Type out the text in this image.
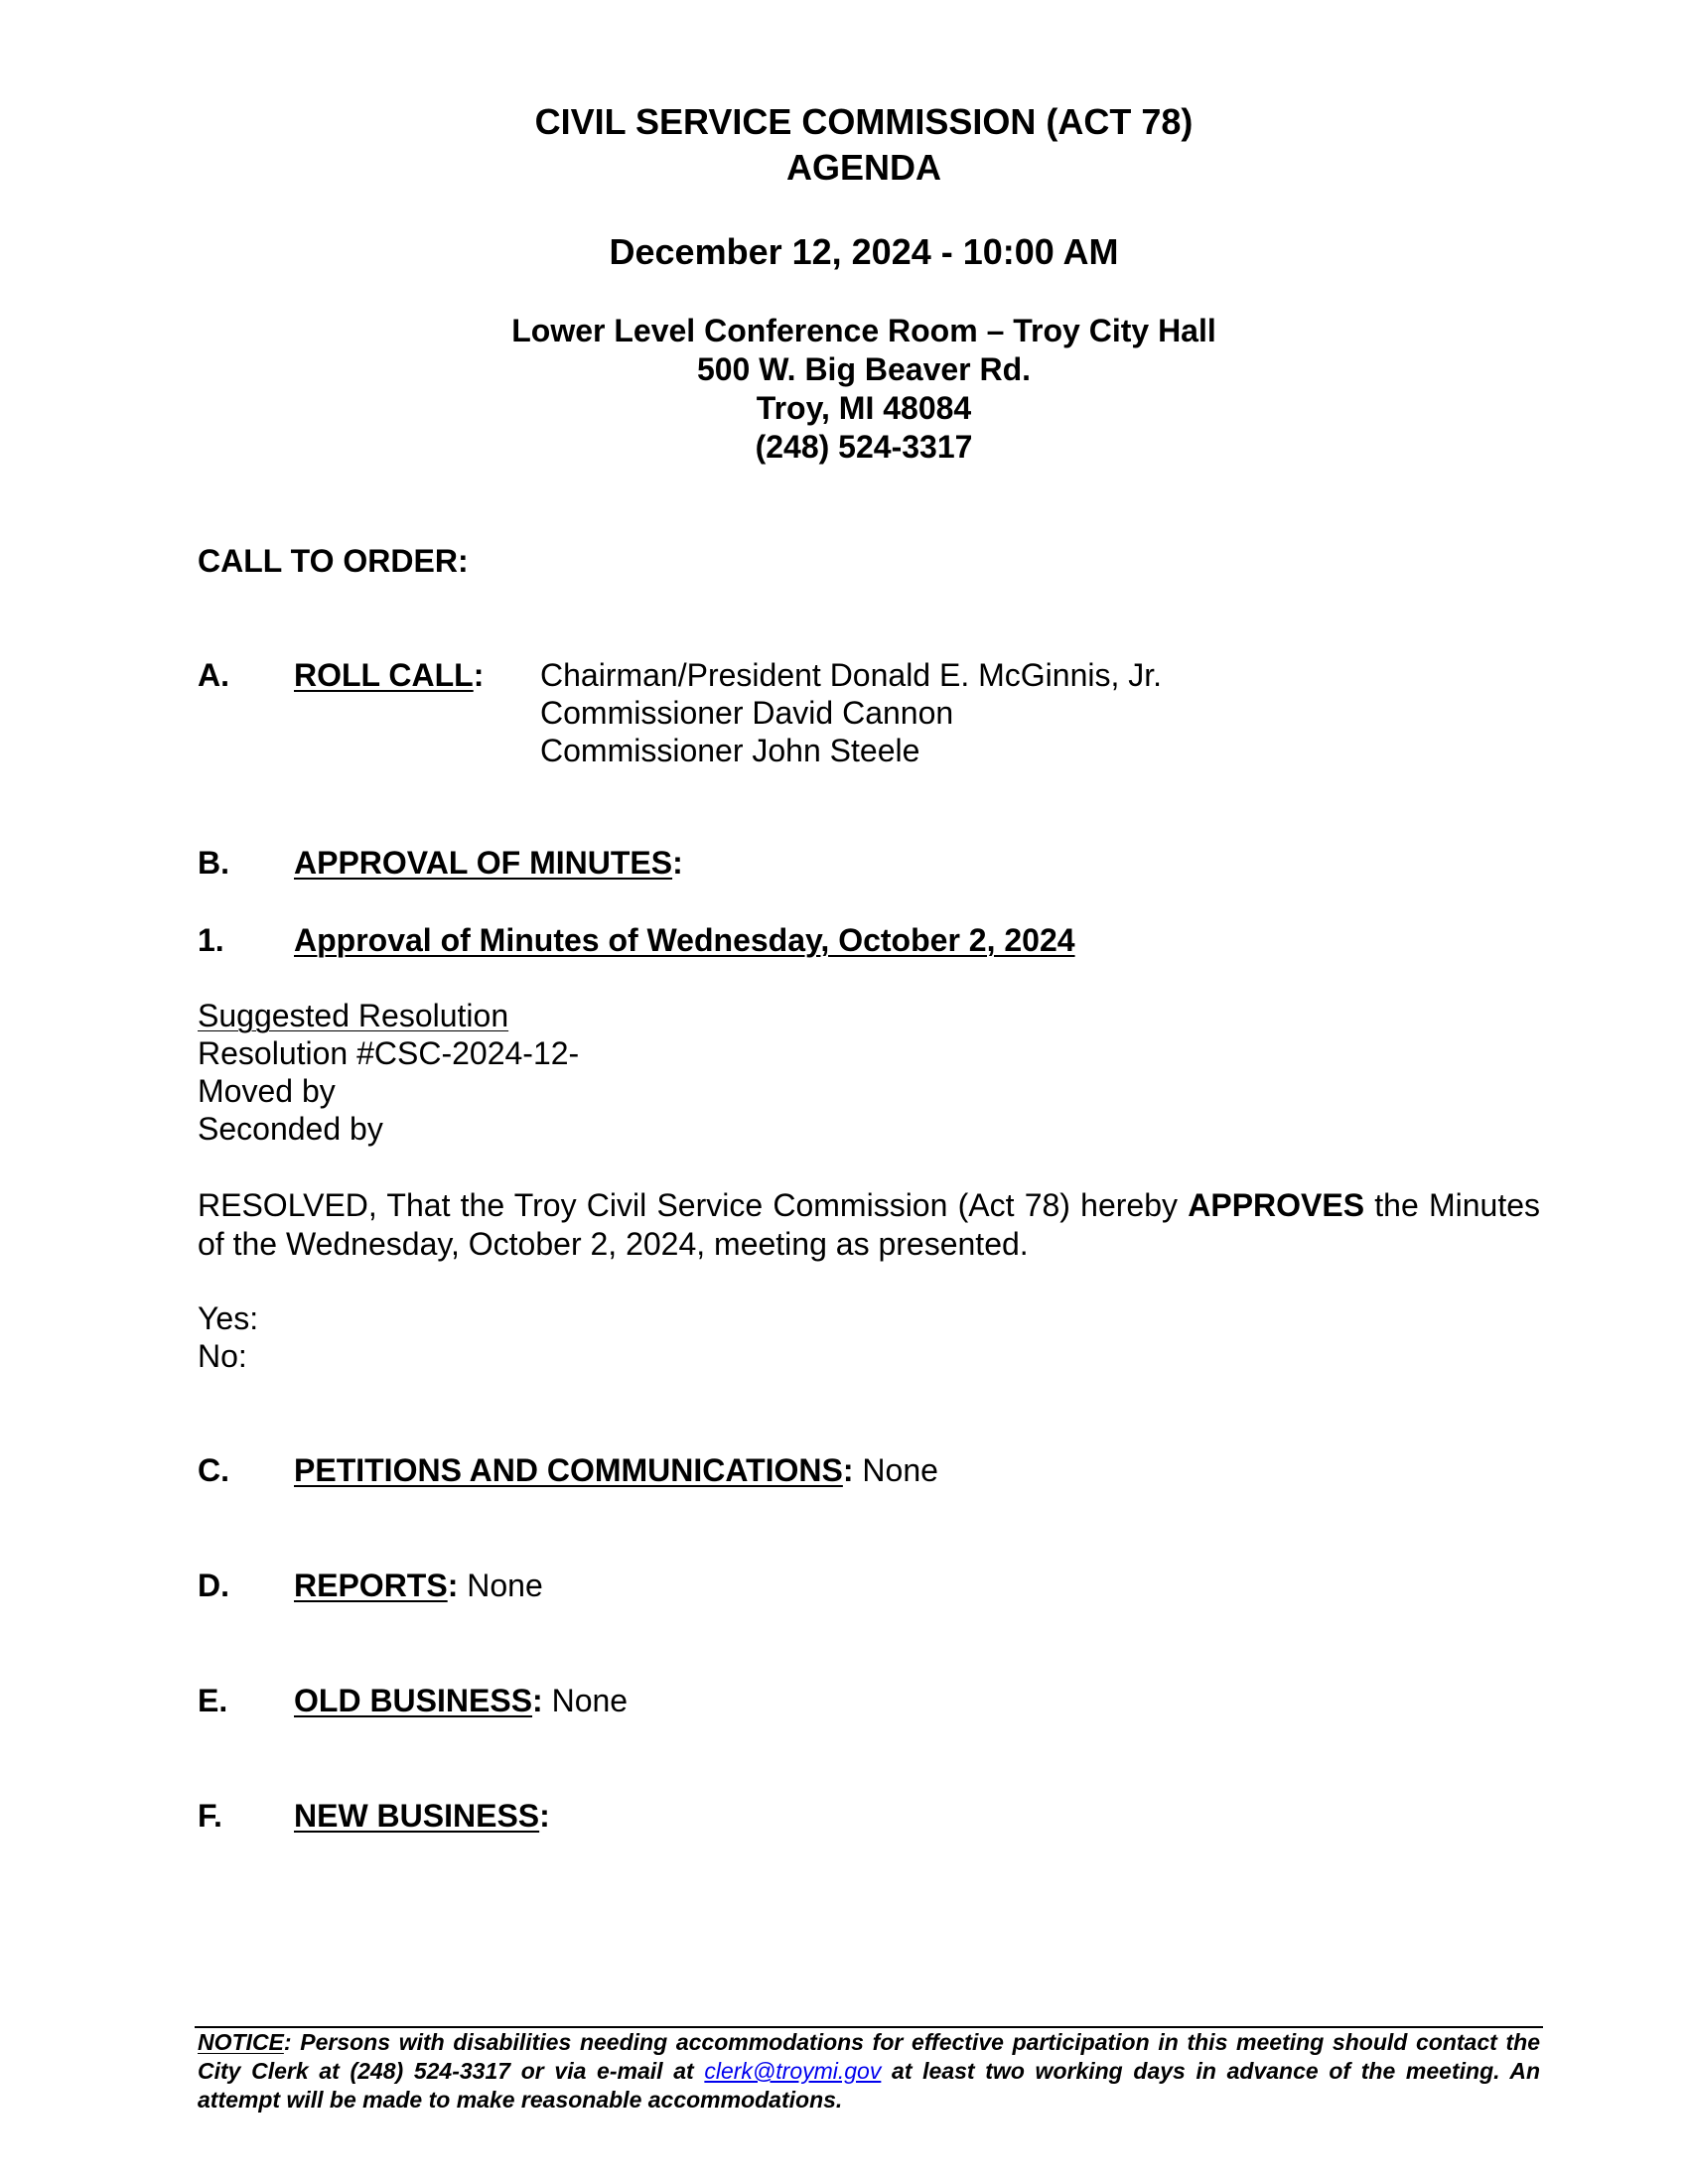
CIVIL SERVICE COMMISSION (ACT 78)
AGENDA
December 12, 2024 - 10:00 AM
Lower Level Conference Room – Troy City Hall
500 W. Big Beaver Rd.
Troy, MI 48084
(248) 524-3317
CALL TO ORDER:
A. ROLL CALL: Chairman/President Donald E. McGinnis, Jr.
Commissioner David Cannon
Commissioner John Steele
B. APPROVAL OF MINUTES:
1. Approval of Minutes of Wednesday, October 2, 2024
Suggested Resolution
Resolution #CSC-2024-12-
Moved by
Seconded by
RESOLVED, That the Troy Civil Service Commission (Act 78) hereby APPROVES the Minutes of the Wednesday, October 2, 2024, meeting as presented.
Yes:
No:
C. PETITIONS AND COMMUNICATIONS: None
D. REPORTS: None
E. OLD BUSINESS: None
F. NEW BUSINESS:
NOTICE: Persons with disabilities needing accommodations for effective participation in this meeting should contact the City Clerk at (248) 524-3317 or via e-mail at clerk@troymi.gov at least two working days in advance of the meeting. An attempt will be made to make reasonable accommodations.
